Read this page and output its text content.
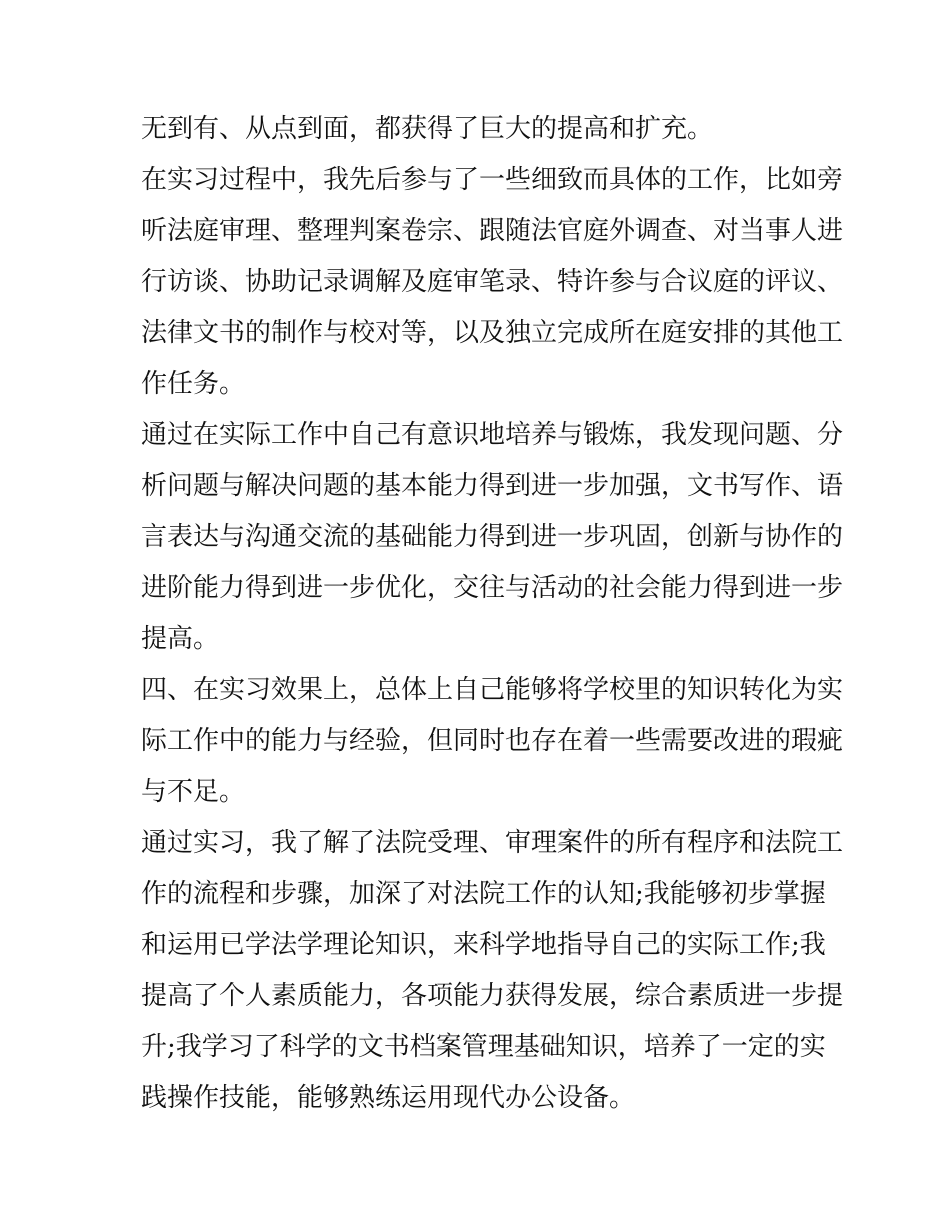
无到有、从点到面，都获得了巨大的提高和扩充。
在实习过程中，我先后参与了一些细致而具体的工作，比如旁
听法庭审理、整理判案卷宗、跟随法官庭外调查、对当事人进
行访谈、协助记录调解及庭审笔录、特许参与合议庭的评议、
法律文书的制作与校对等，以及独立完成所在庭安排的其他工
作任务。
通过在实际工作中自己有意识地培养与锻炼，我发现问题、分
析问题与解决问题的基本能力得到进一步加强，文书写作、语
言表达与沟通交流的基础能力得到进一步巩固，创新与协作的
进阶能力得到进一步优化，交往与活动的社会能力得到进一步
提高。
四、在实习效果上，总体上自己能够将学校里的知识转化为实
际工作中的能力与经验，但同时也存在着一些需要改进的瑕疵
与不足。
通过实习，我了解了法院受理、审理案件的所有程序和法院工
作的流程和步骤，加深了对法院工作的认知;我能够初步掌握
和运用已学法学理论知识，来科学地指导自己的实际工作;我
提高了个人素质能力，各项能力获得发展，综合素质进一步提
升;我学习了科学的文书档案管理基础知识，培养了一定的实
践操作技能，能够熟练运用现代办公设备。
